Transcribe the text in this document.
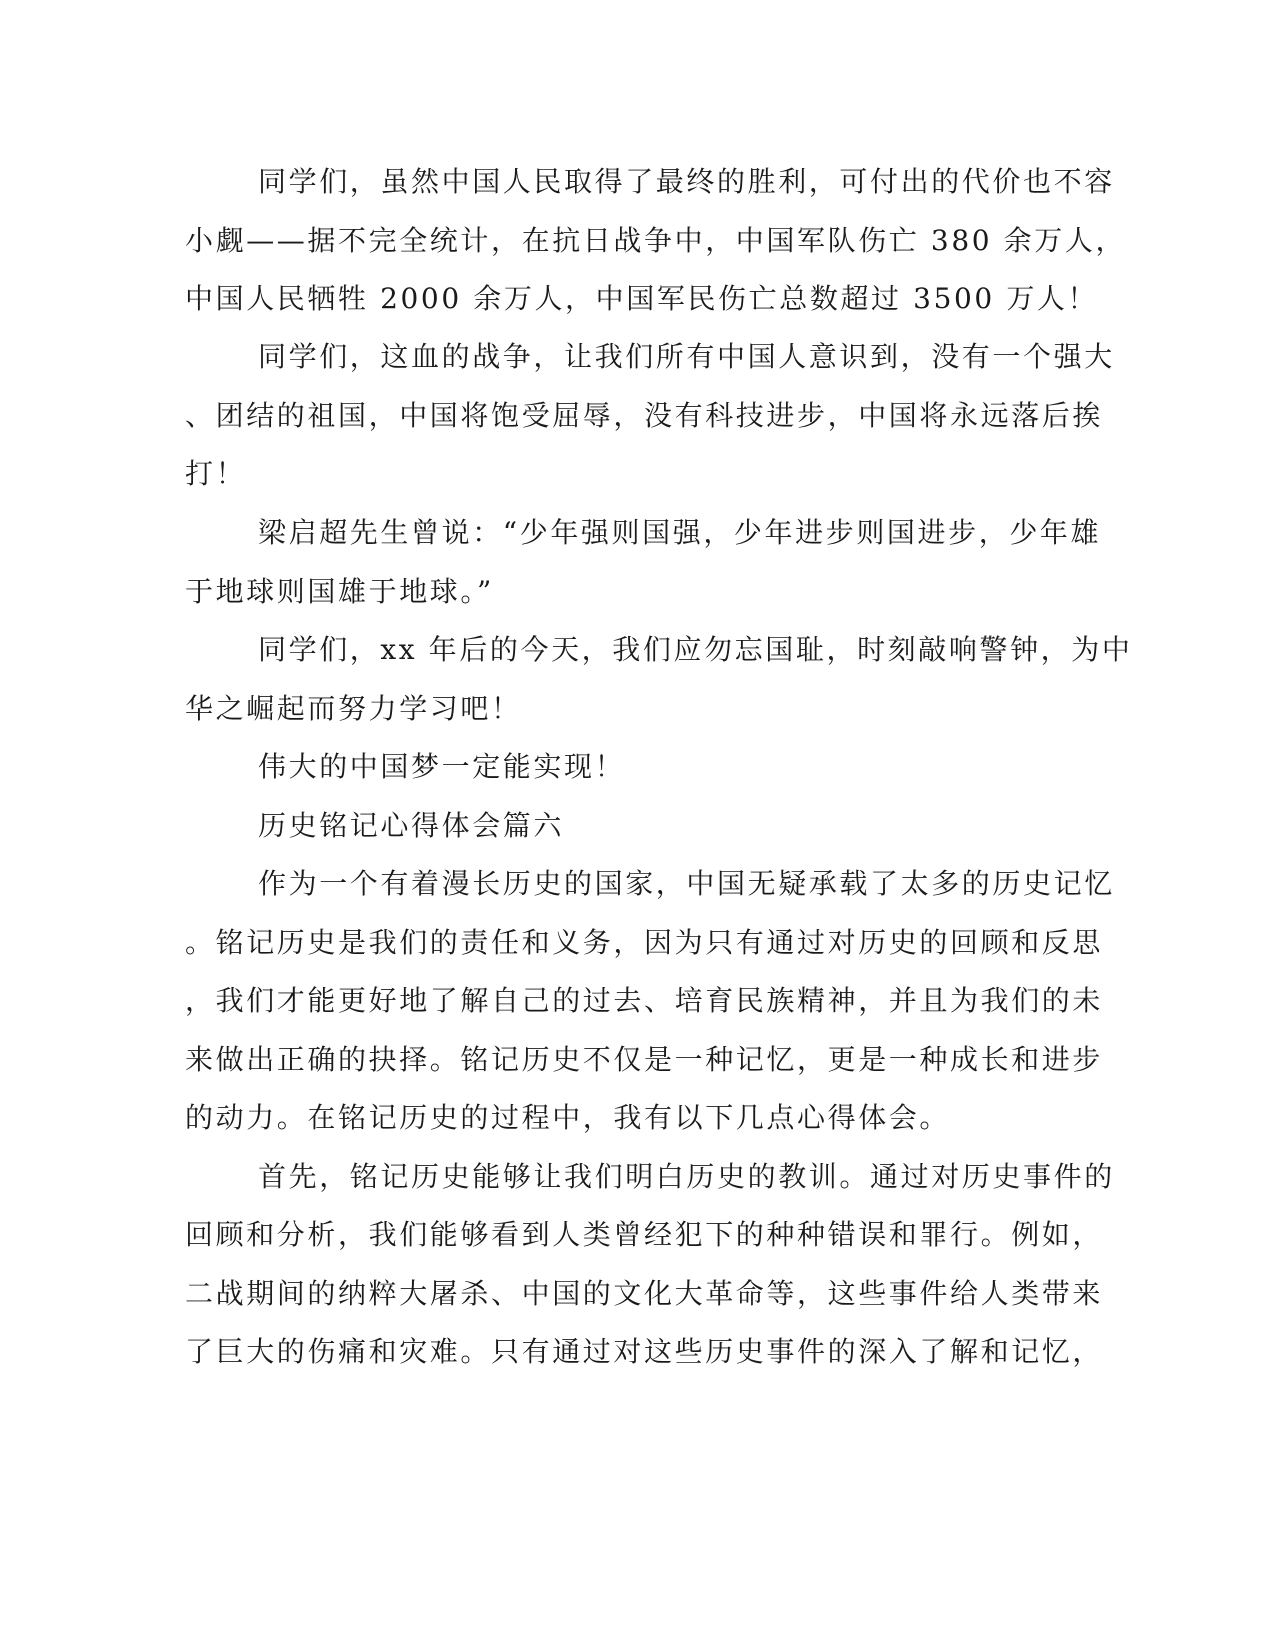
同学们，虽然中国人民取得了最终的胜利，可付出的代价也不容
小觑——据不完全统计，在抗日战争中，中国军队伤亡 380 余万人，
中国人民牺牲 2000 余万人，中国军民伤亡总数超过 3500 万人！
同学们，这血的战争，让我们所有中国人意识到，没有一个强大
、团结的祖国，中国将饱受屈辱，没有科技进步，中国将永远落后挨
打！
梁启超先生曾说：“少年强则国强，少年进步则国进步，少年雄
于地球则国雄于地球。”
同学们，xx 年后的今天，我们应勿忘国耻，时刻敲响警钟，为中
华之崛起而努力学习吧！
伟大的中国梦一定能实现！
历史铭记心得体会篇六
作为一个有着漫长历史的国家，中国无疑承载了太多的历史记忆
。铭记历史是我们的责任和义务，因为只有通过对历史的回顾和反思
，我们才能更好地了解自己的过去、培育民族精神，并且为我们的未
来做出正确的抉择。铭记历史不仅是一种记忆，更是一种成长和进步
的动力。在铭记历史的过程中，我有以下几点心得体会。
首先，铭记历史能够让我们明白历史的教训。通过对历史事件的
回顾和分析，我们能够看到人类曾经犯下的种种错误和罪行。例如，
二战期间的纳粹大屠杀、中国的文化大革命等，这些事件给人类带来
了巨大的伤痛和灾难。只有通过对这些历史事件的深入了解和记忆，
